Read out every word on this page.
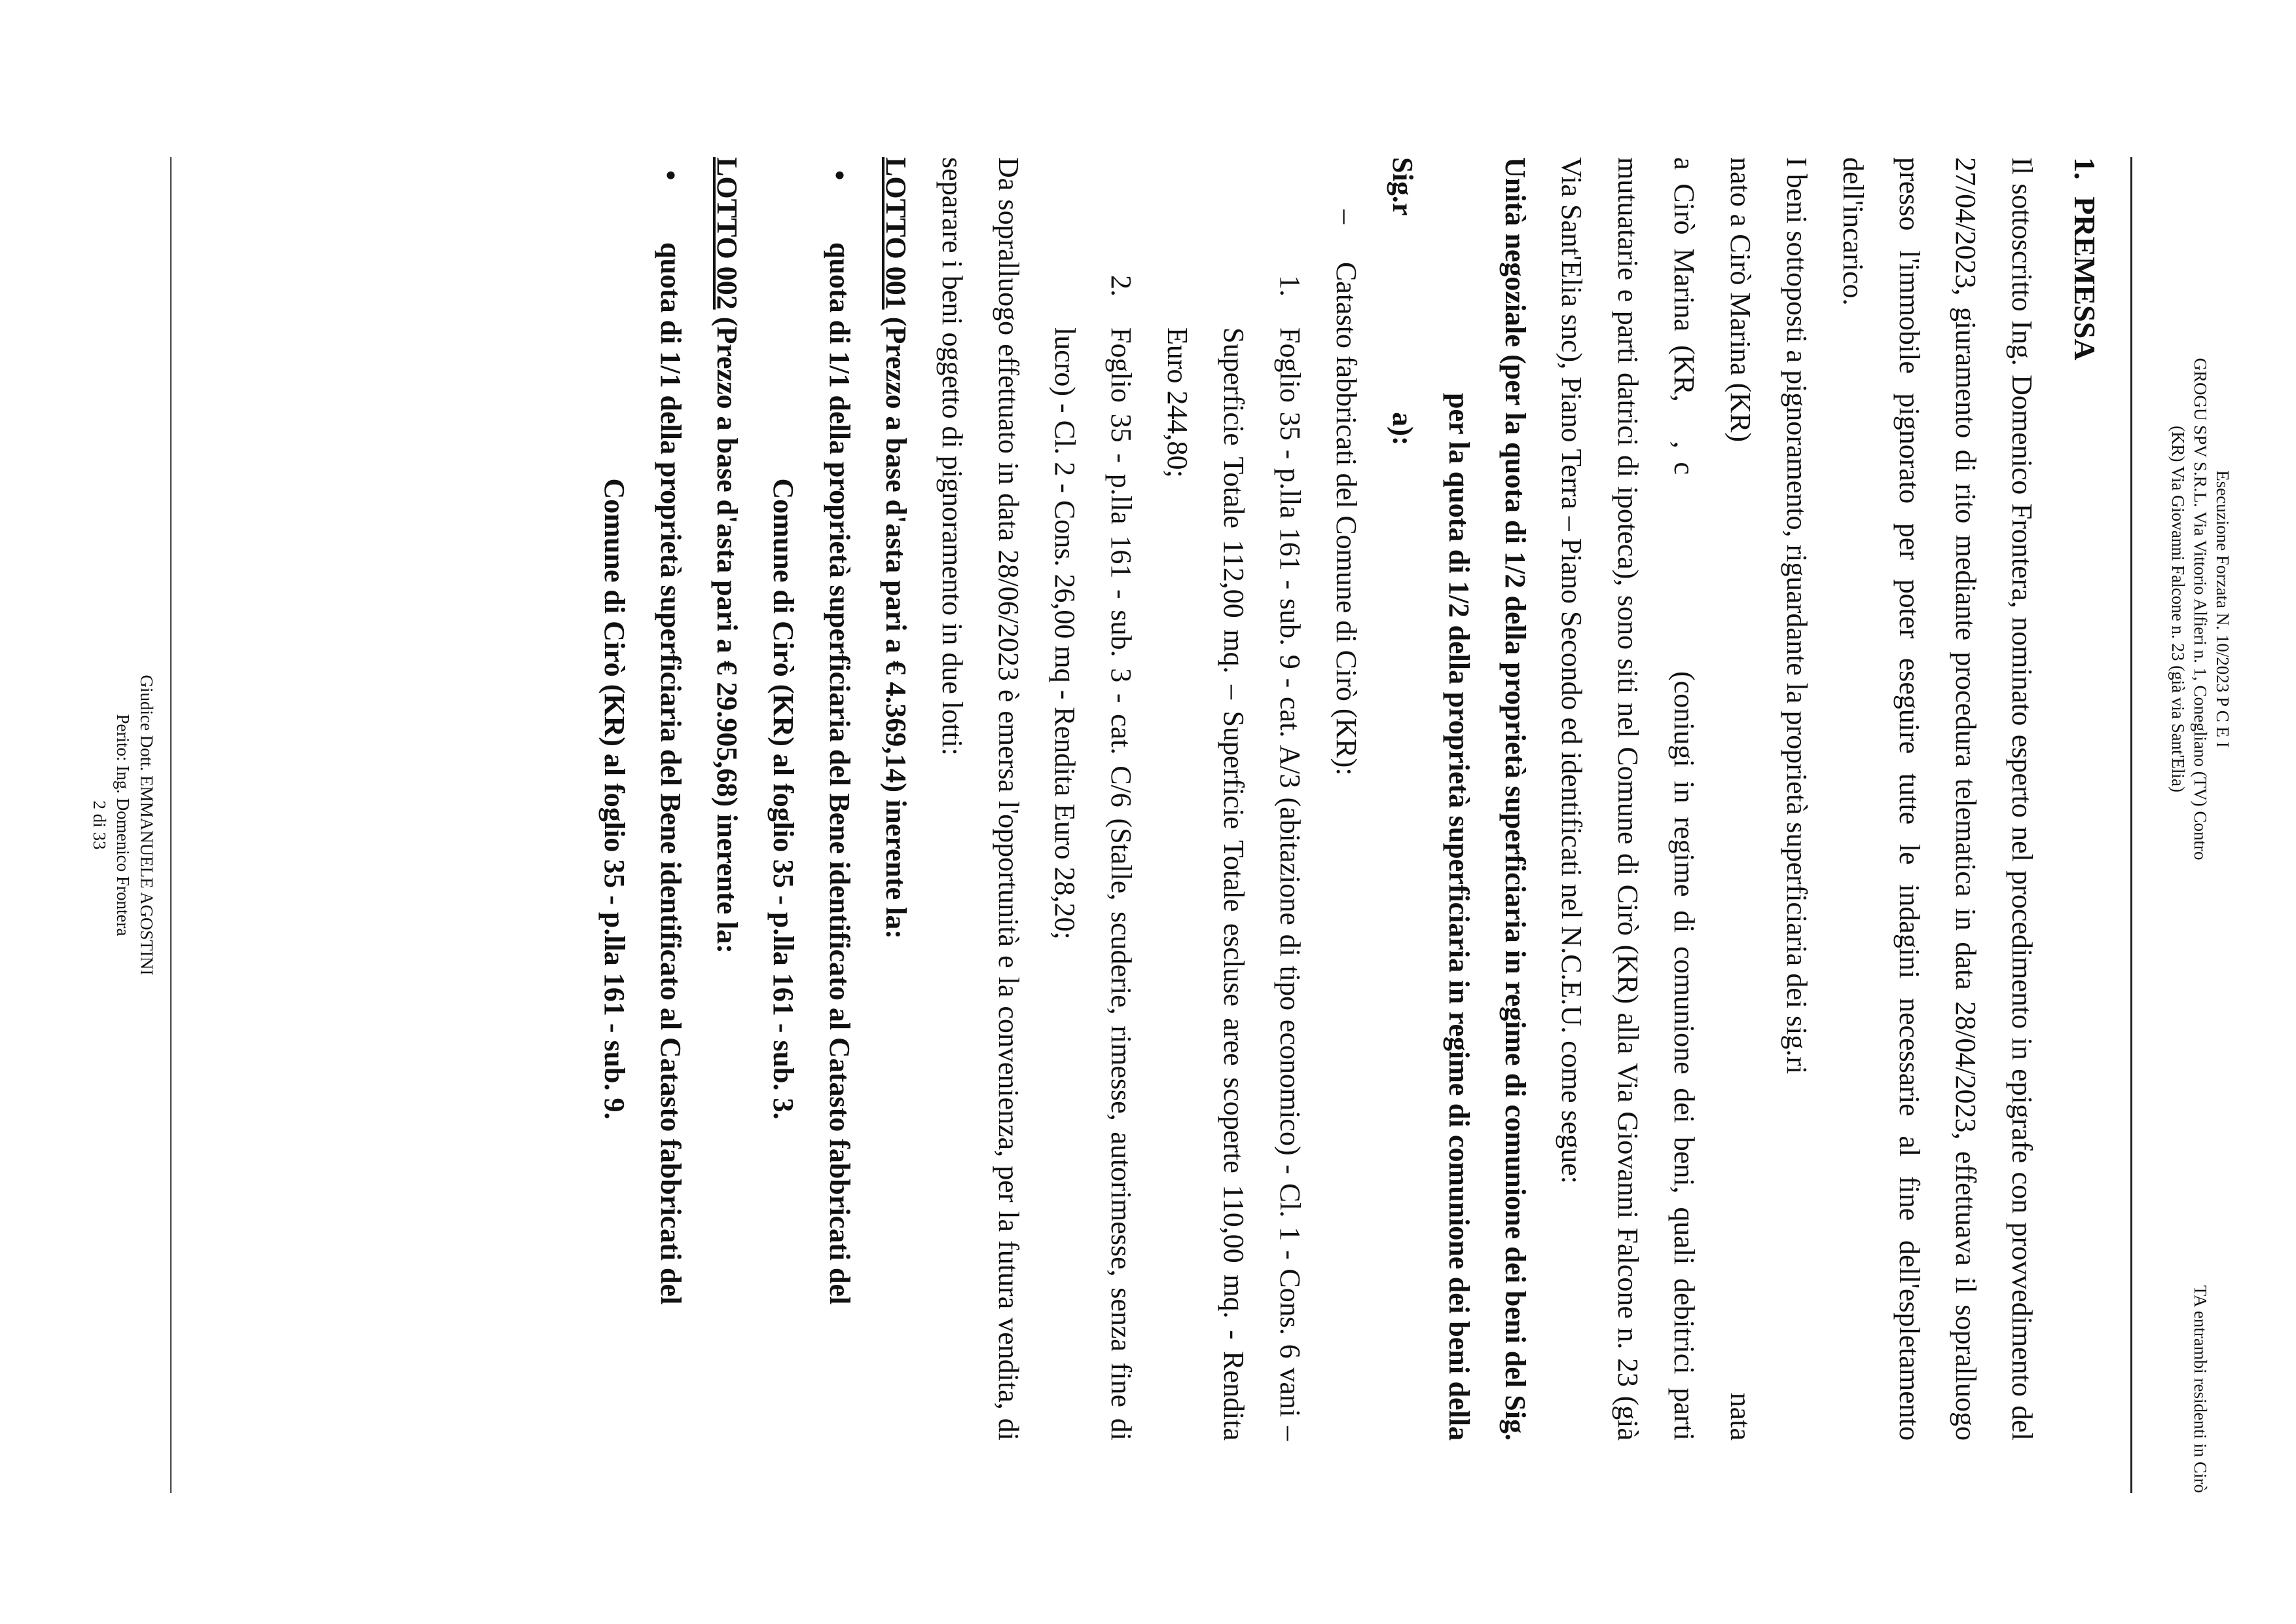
Esecuzione Forzata N. 10/2023 P C E I
GROGU SPV S.R.L. Via Vittorio Alfieri n. 1, Conegliano (TV) Contro
TA entrambi residenti in Cirò
(KR) Via Giovanni Falcone n. 23 (già via Sant'Elia)
1.PREMESSA

Il sottoscritto Ing. Domenico Frontera, nominato esperto nel procedimento in epigrafe con provvedimento del 27/04/2023, giuramento di rito mediante procedura telematica in data 28/04/2023, effettuava il sopralluogo presso l'immobile pignorato per poter eseguire tutte le indagini necessarie al fine dell'espletamento dell'incarico.

I beni sottoposti a pignoramento, riguardante la proprietà superficiaria dei sig.ri

nato a Cirò Marina (KR)
nata

a Cirò Marina (KR,, c(coniugi in regime di comunione dei beni, quali debitrici parti mutuatarie e parti datrici di ipoteca), sono siti nel Comune di Cirò (KR) alla Via Giovanni Falcone n. 23 (già Via Sant'Elia snc), Piano Terra – Piano Secondo ed identificati nel N.C.E.U. come segue:

Unità negoziale (per la quota di 1/2 della proprietà superficiaria in regime di comunione dei beni del Sig.per la quota di 1/2 della proprietà superficiaria in regime di comunione dei beni della Sig.ra):

–
Catasto fabbricati del Comune di Cirò (KR):

1.
Foglio 35 - p.lla 161 - sub. 9 - cat. A/3 (abitazione di tipo economico) - Cl. 1 - Cons. 6 vani – Superficie Totale 112,00 mq. – Superficie Totale escluse aree scoperte 110,00 mq. - Rendita Euro 244,80;

2.
Foglio 35 - p.lla 161 - sub. 3 - cat. C/6 (Stalle, scuderie, rimesse, autorimesse, senza fine di lucro) - Cl. 2 - Cons. 26,00 mq - Rendita Euro 28,20;

Da sopralluogo effettuato in data 28/06/2023 è emersa l'opportunità e la convenienza, per la futura vendita, di separare i beni oggetto di pignoramento in due lotti:

LOTTO 001 (Prezzo a base d'asta pari a € 4.369,14) inerente la:

•
quota di 1/1 della proprietà superficiaria del Bene identificato al Catasto fabbricati del

Comune di Cirò (KR) al foglio 35 - p.lla 161 - sub. 3.

LOTTO 002 (Prezzo a base d'asta pari a € 29.905,68) inerente la:

•
quota di 1/1 della proprietà superficiaria del Bene identificato al Catasto fabbricati del

Comune di Cirò (KR) al foglio 35 - p.lla 161 - sub. 9.

Giudice Dott. EMMANUELE AGOSTINI
Perito: Ing. Domenico Frontera
2 di 33
